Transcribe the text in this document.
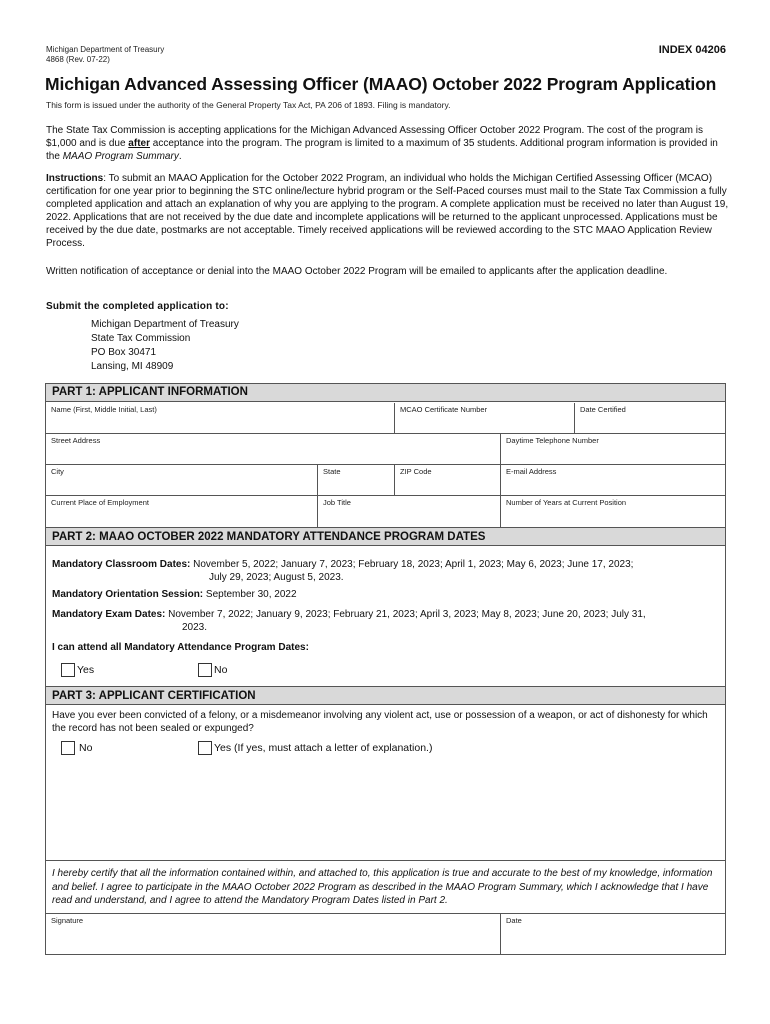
Michigan Department of Treasury
4868 (Rev. 07-22)
INDEX 04206
Michigan Advanced Assessing Officer (MAAO) October 2022 Program Application
This form is issued under the authority of the General Property Tax Act, PA 206 of 1893. Filing is mandatory.
The State Tax Commission is accepting applications for the Michigan Advanced Assessing Officer October 2022 Program. The cost of the program is $1,000 and is due after acceptance into the program. The program is limited to a maximum of 35 students. Additional program information is provided in the MAAO Program Summary.
Instructions: To submit an MAAO Application for the October 2022 Program, an individual who holds the Michigan Certified Assessing Officer (MCAO) certification for one year prior to beginning the STC online/lecture hybrid program or the Self-Paced courses must mail to the State Tax Commission a fully completed application and attach an explanation of why you are applying to the program. A complete application must be received no later than August 19, 2022. Applications that are not received by the due date and incomplete applications will be returned to the applicant unprocessed. Applications must be received by the due date, postmarks are not acceptable. Timely received applications will be reviewed according to the STC MAAO Application Review Process.
Written notification of acceptance or denial into the MAAO October 2022 Program will be emailed to applicants after the application deadline.
Submit the completed application to:
Michigan Department of Treasury
State Tax Commission
PO Box 30471
Lansing, MI 48909
PART 1: APPLICANT INFORMATION
Name (First, Middle Initial, Last)	MCAO Certificate Number	Date Certified
Street Address	Daytime Telephone Number
City	State	ZIP Code	E-mail Address
Current Place of Employment	Job Title	Number of Years at Current Position
PART 2: MAAO OCTOBER 2022 MANDATORY ATTENDANCE PROGRAM DATES
Mandatory Classroom Dates: November 5, 2022; January 7, 2023; February 18, 2023; April 1, 2023; May 6, 2023; June 17, 2023;
July 29, 2023; August 5, 2023.
Mandatory Orientation Session: September 30, 2022
Mandatory Exam Dates: November 7, 2022; January 9, 2023; February 21, 2023; April 3, 2023; May 8, 2023; June 20, 2023; July 31,
2023.
I can attend all Mandatory Attendance Program Dates:
Yes	No
PART 3: APPLICANT CERTIFICATION
Have you ever been convicted of a felony, or a misdemeanor involving any violent act, use or possession of a weapon, or act of dishonesty for which the record has not been sealed or expunged?
No	Yes (If yes, must attach a letter of explanation.)
I hereby certify that all the information contained within, and attached to, this application is true and accurate to the best of my knowledge, information and belief. I agree to participate in the MAAO October 2022 Program as described in the MAAO Program Summary, which I acknowledge that I have read and understand, and I agree to attend the Mandatory Program Dates listed in Part 2.
Signature	Date
